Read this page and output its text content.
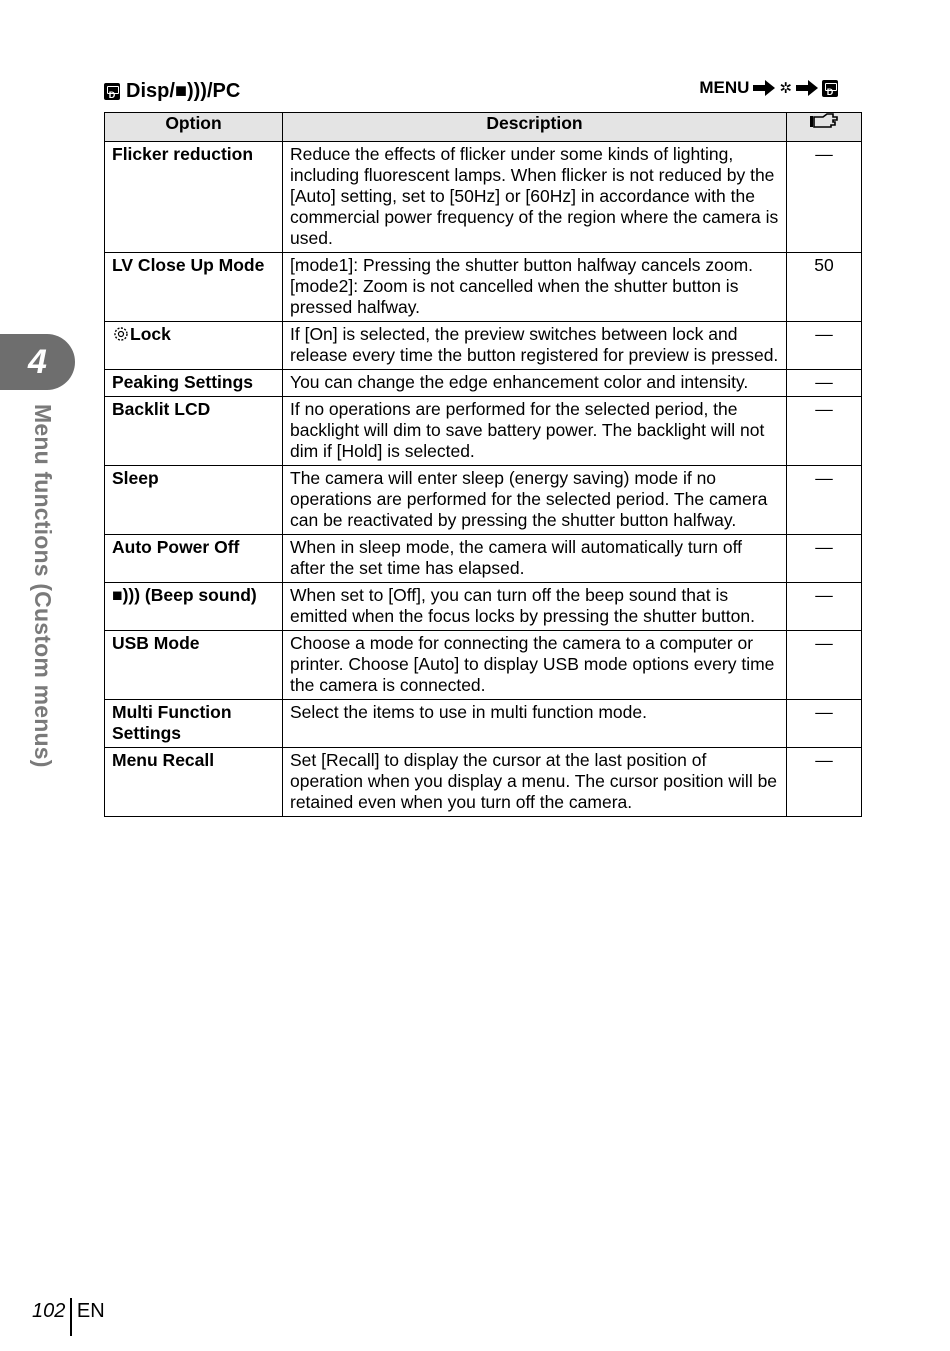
D Disp/■)))/PC	MENU ✲	D
Option	Description	
Flicker reduction	Reduce the effects of flicker under some kinds of lighting, including fluorescent lamps. When flicker is not reduced by the [Auto] setting, set to [50Hz] or [60Hz] in accordance with the commercial power frequency of the region where the camera is used.	—
LV Close Up Mode	[mode1]: Pressing the shutter button halfway cancels zoom. [mode2]: Zoom is not cancelled when the shutter button is pressed halfway.	50
Lock	If [On] is selected, the preview switches between lock and release every time the button registered for preview is pressed.	—
Peaking Settings	You can change the edge enhancement color and intensity.	—
Backlit LCD	If no operations are performed for the selected period, the backlight will dim to save battery power. The backlight will not dim if [Hold] is selected.	—
Sleep	The camera will enter sleep (energy saving) mode if no operations are performed for the selected period. The camera can be reactivated by pressing the shutter button halfway.	—
Auto Power Off	When in sleep mode, the camera will automatically turn off after the set time has elapsed.	—
■))) (Beep sound)	When set to [Off], you can turn off the beep sound that is emitted when the focus locks by pressing the shutter button.	—
USB Mode	Choose a mode for connecting the camera to a computer or printer. Choose [Auto] to display USB mode options every time the camera is connected.	—
Multi Function Settings	Select the items to use in multi function mode.	—
Menu Recall	Set [Recall] to display the cursor at the last position of operation when you display a menu. The cursor position will be retained even when you turn off the camera.	—
4
Menu functions (Custom menus)
102 EN
